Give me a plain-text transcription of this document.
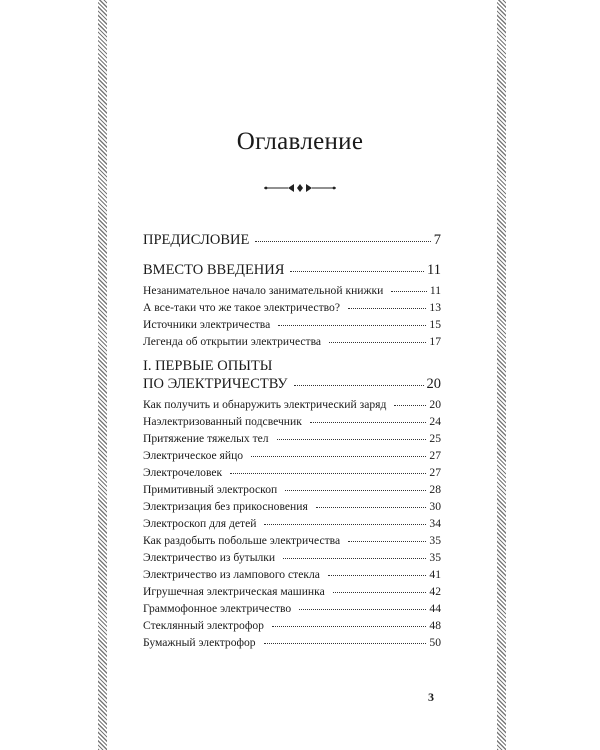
Оглавление
ПРЕДИСЛОВИЕ	7
ВМЕСТО ВВЕДЕНИЯ	11
Незанимательное начало занимательной книжки	11
А все-таки что же такое электричество?	13
Источники электричества	15
Легенда об открытии электричества	17
I. ПЕРВЫЕ ОПЫТЫ
ПО ЭЛЕКТРИЧЕСТВУ	20
Как получить и обнаружить электрический заряд	20
Наэлектризованный подсвечник	24
Притяжение тяжелых тел	25
Электрическое яйцо	27
Электрочеловек	27
Примитивный электроскоп	28
Электризация без прикосновения	30
Электроскоп для детей	34
Как раздобыть побольше электричества	35
Электричество из бутылки	35
Электричество из лампового стекла	41
Игрушечная электрическая машинка	42
Граммофонное электричество	44
Стеклянный электрофор	48
Бумажный электрофор	50
3
